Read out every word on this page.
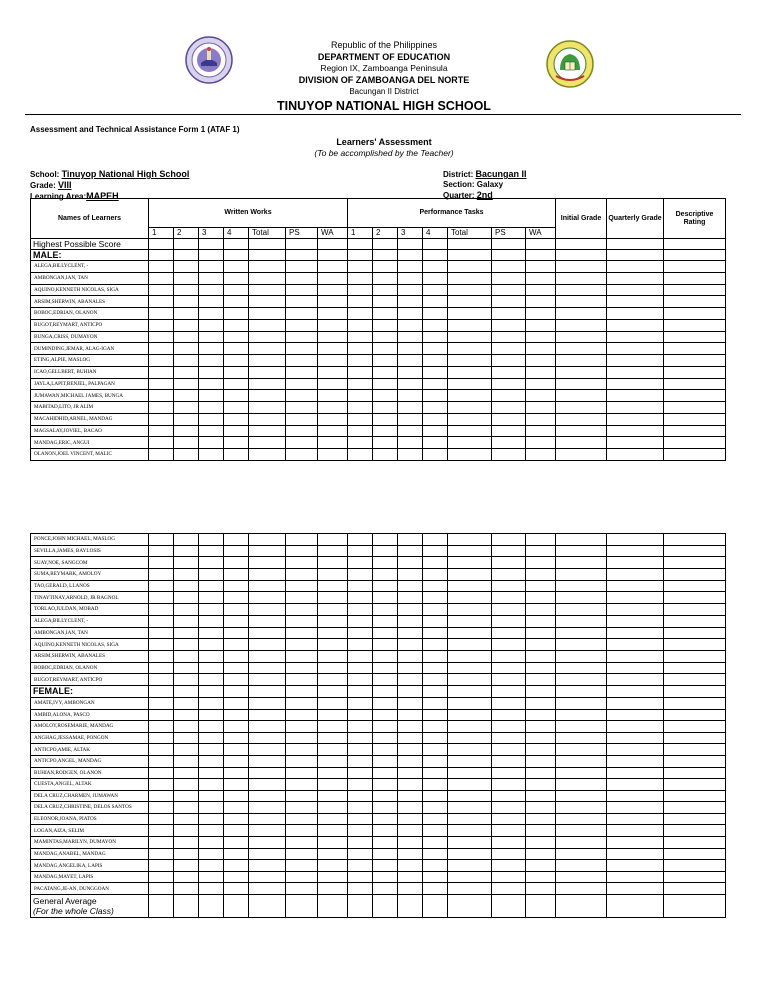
Republic of the Philippines
DEPARTMENT OF EDUCATION
Region IX, Zamboanga Peninsula
DIVISION OF ZAMBOANGA DEL NORTE
Bacungan II District
TINUYOP NATIONAL HIGH SCHOOL
Assessment and Technical Assistance Form 1 (ATAF 1)
Learners' Assessment
(To be accomplished by the Teacher)
School: Tinuyop National High School
Grade: VIII
Learning Area:MAPEH
District: Bacungan II
Section: Galaxy
Quarter: 2nd
Names of Learners	Written Works							Performance Tasks							Initial Grade	Quarterly Grade	Descriptive Rating
	1	2	3	4	Total	PS	WA	1	2	3	4	Total	PS	WA			
Highest Possible Score																	
MALE:																	
ALEGA,BILLYCLENT, -																	
AMBONGAN,IAN, TAN																	
AQUINO,KENNETH NICOLAS, SIGA																	
ARSIM,SHERWIN, ABANALES																	
BOBOC,EDRIAN, OLANON																	
BUGOT,REYMART, ANTICPO																	
BUNGA,CRISS, DUMAYON																	
DUMINDING,JEMAR, ALAG-IGAN																	
ETING,ALPIE, MASLOG																	
ICAO,GELLBERT, BUHIAN																	
JAYLA,LAPIT,BENJEL, PALPAGAN																	
JUMAWAN,MICHAEL JAMES, BUNGA																	
MABITAD,LITO, JR ALIM																	
MACAHIDHID,ARNEL, MANDAG																	
MAGSALAY,JOVIEL, BACAO																	
MANDAG,ERIC, ANGUI																	
OLANON,JOEL VINCENT, MALIC																	
PONCE,JOHN MICHAEL, MASLOG																	
SEVILLA,JAMES, BAYLOSIS																	
SUAY,NOE, SANGCOM																	
SUMA,REYMARK, AMOLOY																	
TAO,GERALD, LLANOS																	
TINAYTINAY,ARNOLD, JR BAGNOL																	
TORLAO,JULDAN, MOBAD																	
ALEGA,BILLYCLENT, -																	
AMBONGAN,IAN, TAN																	
AQUINO,KENNETH NICOLAS, SIGA																	
ARSIM,SHERWIN, ABANALES																	
BOBOC,EDRIAN, OLANON																	
BUGOT,REYMART, ANTICPO																	
FEMALE:																	
AMATE,IVY, AMBONGAN																	
AMBID,ALONA, PASCO																	
AMOLOY,ROSEMARIE, MANDAG																	
ANGHAG,JESSAMAE, PONGON																	
ANTICPO,AMIE, ALTAK																	
ANTICPO,ANGEL, MANDAG																	
BUHIAN,RODGEN, OLANON																	
CUESTA,ANGEL, ALTAK																	
DELA CRUZ,CHARMEN, JUMAWAN																	
DELA CRUZ,CHRISTINE, DELOS SANTOS																	
ELEONOR,JOANA, PIATOS																	
LOGAN,AIZA, SELIM																	
MAMINTAS,MARILYN, DUMAYON																	
MANDAG,ANABEL, MANDAG																	
MANDAG,ANGELIKA, LAPIS																	
MANDAG,MAYET, LAPIS																	
PACATANG,JE-AN, DUNGGOAN																	

General Average
(For the whole Class)																	
